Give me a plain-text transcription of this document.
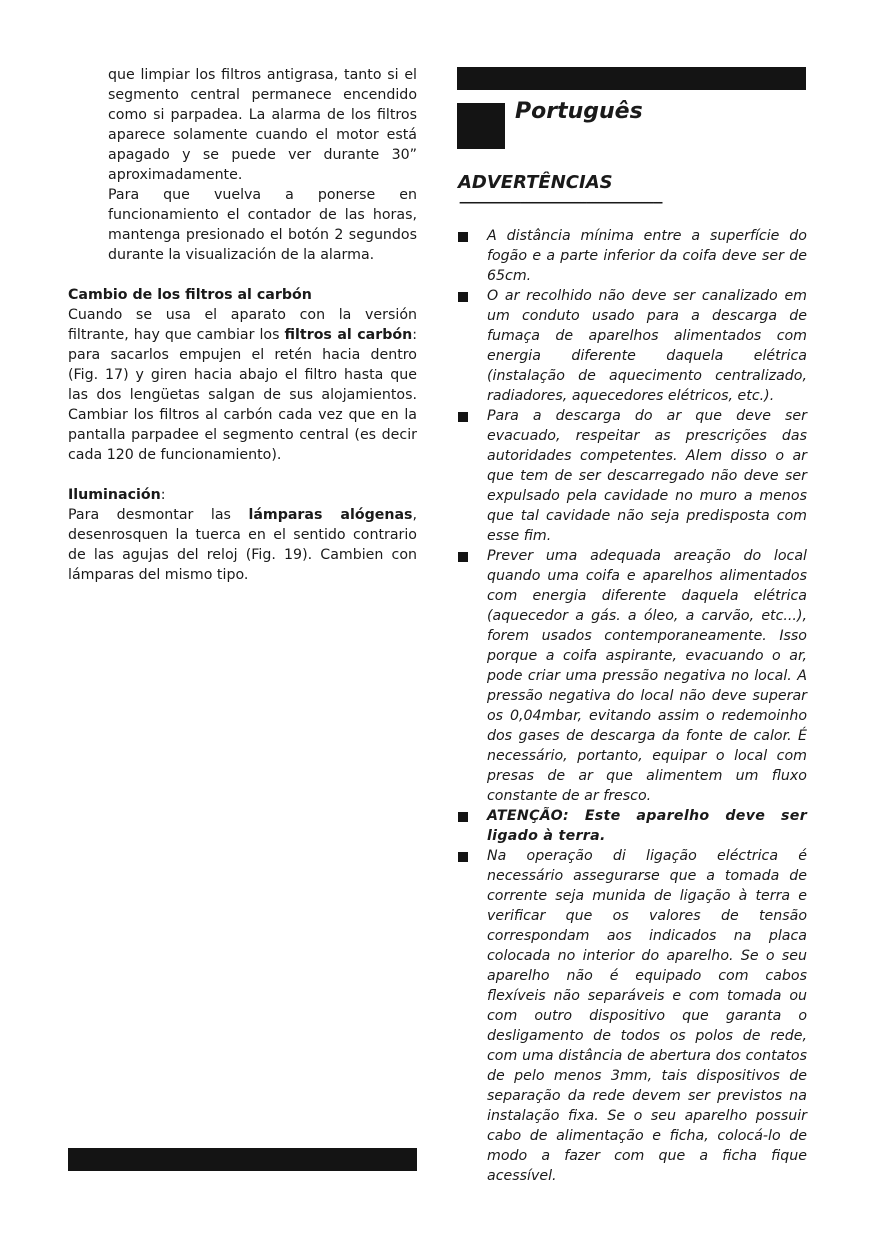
que limpiar los filtros antigrasa, tanto si el segmento central permanece encendido como si parpadea. La alarma de los filtros aparece solamente cuando el motor está apagado y se puede ver durante 30” aproximadamente.

Para que vuelva a ponerse en funcionamiento el contador de las horas, mantenga presionado el botón 2 segundos durante la visualización de la alarma.

Cambio de los filtros al carbón

Cuando se usa el aparato con la versión filtrante, hay que cambiar los filtros al carbón: para sacarlos empujen el retén hacia dentro (Fig. 17) y giren hacia abajo el filtro hasta que las dos lengüetas salgan de sus alojamientos. Cambiar los filtros al carbón cada vez que en la pantalla parpadee el segmento central (es decir cada 120 de funcionamiento).

Iluminación:

Para desmontar las lámparas alógenas, desenrosquen la tuerca en el sentido contrario de las agujas del reloj (Fig. 19). Cambien con lámparas del mismo tipo.

Português
ADVERTÊNCIAS
-------------------------------------------------------------------
A distância mínima entre a superfície do fogão e a parte inferior da coifa deve ser de 65cm.
O ar recolhido não deve ser canalizado em um conduto usado para a descarga de fumaça de aparelhos alimentados com energia diferente daquela elétrica (instalação de aquecimento centralizado, radiadores, aquecedores elétricos, etc.).
Para a descarga do ar que deve ser evacuado, respeitar as prescrições das autoridades competentes. Alem disso o ar que tem de ser descarregado não deve ser expulsado pela cavidade no muro a menos que tal cavidade não seja predisposta com esse fim.
Prever uma adequada areação do local quando uma coifa e aparelhos alimentados com energia diferente daquela elétrica (aquecedor a gás. a óleo, a carvão, etc...), forem usados contemporaneamente. Isso porque a coifa aspirante, evacuando o ar, pode criar uma pressão negativa no local. A pressão negativa do local não deve superar os 0,04mbar, evitando assim o redemoinho dos gases de descarga da fonte de calor. É necessário, portanto, equipar o local com presas de ar que alimentem um fluxo constante de ar fresco.
ATENÇÃO: Este aparelho deve ser ligado à terra.
Na operação di ligação eléctrica é necessário assegurarse que a tomada de corrente seja munida de ligação à terra e verificar que os valores de tensão correspondam aos indicados na placa colocada no interior do aparelho. Se o seu aparelho não é equipado com cabos flexíveis não separáveis e com tomada ou com outro dispositivo que garanta o desligamento de todos os polos de rede, com uma distância de abertura dos contatos de pelo menos 3mm, tais dispositivos de separação da rede devem ser previstos na instalação fixa. Se o seu aparelho possuir cabo de alimentação e ficha, colocá-lo de modo a fazer com que a ficha fique acessível.
